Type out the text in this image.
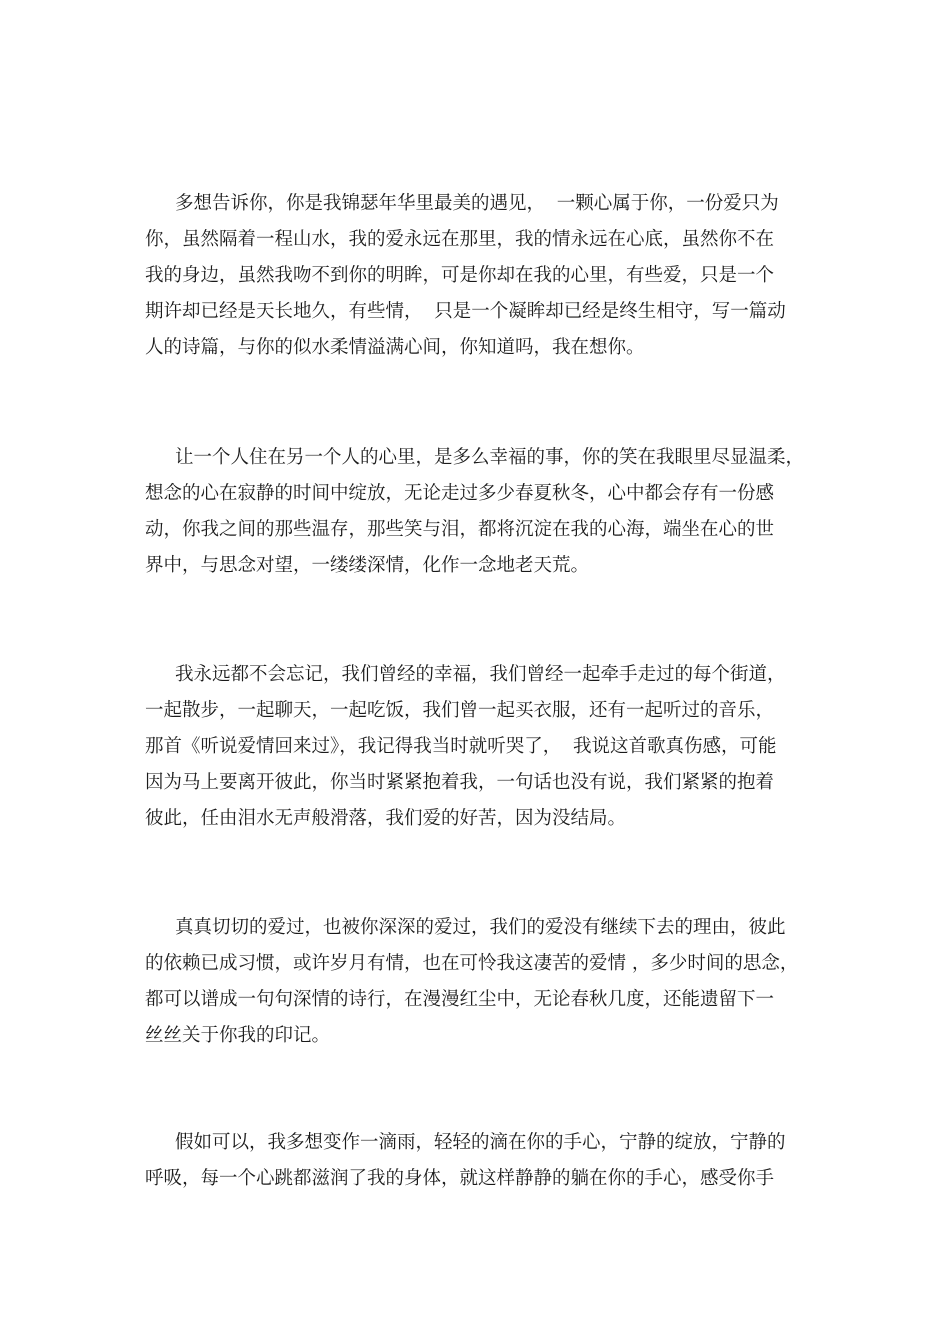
多想告诉你，你是我锦瑟年华里最美的遇见，  一颗心属于你，一份爱只为
你，虽然隔着一程山水，我的爱永远在那里，我的情永远在心底，虽然你不在
我的身边，虽然我吻不到你的明眸，可是你却在我的心里，有些爱，只是一个
期许却已经是天长地久，有些情，  只是一个凝眸却已经是终生相守，写一篇动
人的诗篇，与你的似水柔情溢满心间，你知道吗，我在想你。
让一个人住在另一个人的心里，是多么幸福的事，你的笑在我眼里尽显温柔，
想念的心在寂静的时间中绽放，无论走过多少春夏秋冬，心中都会存有一份感
动，你我之间的那些温存，那些笑与泪，都将沉淀在我的心海，端坐在心的世
界中，与思念对望，一缕缕深情，化作一念地老天荒。
我永远都不会忘记，我们曾经的幸福，我们曾经一起牵手走过的每个街道，
一起散步，一起聊天，一起吃饭，我们曾一起买衣服，还有一起听过的音乐，
那首《听说爱情回来过》，我记得我当时就听哭了，  我说这首歌真伤感，可能
因为马上要离开彼此，你当时紧紧抱着我，一句话也没有说，我们紧紧的抱着
彼此，任由泪水无声般滑落，我们爱的好苦，因为没结局。
真真切切的爱过，也被你深深的爱过，我们的爱没有继续下去的理由，彼此
的依赖已成习惯，或许岁月有情，也在可怜我这凄苦的爱情 ，多少时间的思念，
都可以谱成一句句深情的诗行，在漫漫红尘中，无论春秋几度，还能遗留下一
丝丝关于你我的印记。
假如可以，我多想变作一滴雨，轻轻的滴在你的手心，宁静的绽放，宁静的
呼吸，每一个心跳都滋润了我的身体，就这样静静的躺在你的手心，感受你手
